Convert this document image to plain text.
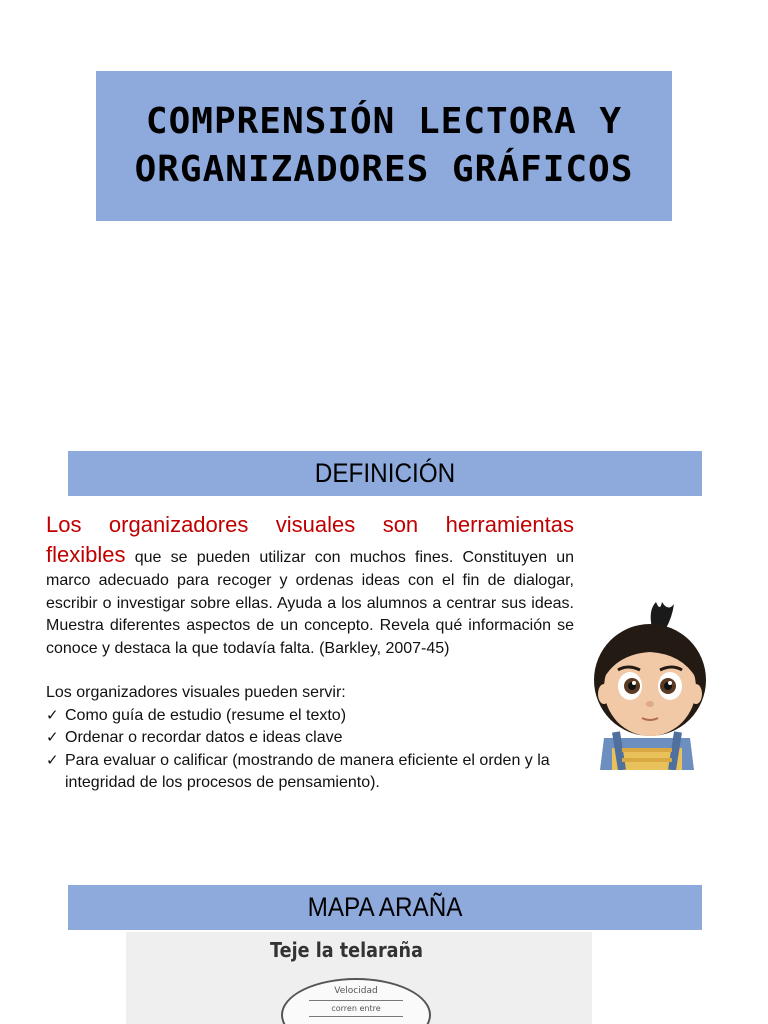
COMPRENSIÓN LECTORA Y
ORGANIZADORES GRÁFICOS
DEFINICIÓN
Los organizadores visuales son herramientas flexibles que se pueden utilizar con muchos fines. Constituyen un marco adecuado para recoger y ordenas ideas con el fin de dialogar, escribir o investigar sobre ellas. Ayuda a los alumnos a centrar sus ideas. Muestra diferentes aspectos de un concepto. Revela qué información se conoce y destaca la que todavía falta. (Barkley, 2007-45)
Los organizadores visuales pueden servir:
✓ Como guía de estudio (resume el texto)
✓ Ordenar o recordar datos e ideas clave
✓ Para evaluar o calificar (mostrando de manera eficiente el orden y la integridad de los procesos de pensamiento).
MAPA ARAÑA
Teje la telaraña
Velocidad
corren entre
